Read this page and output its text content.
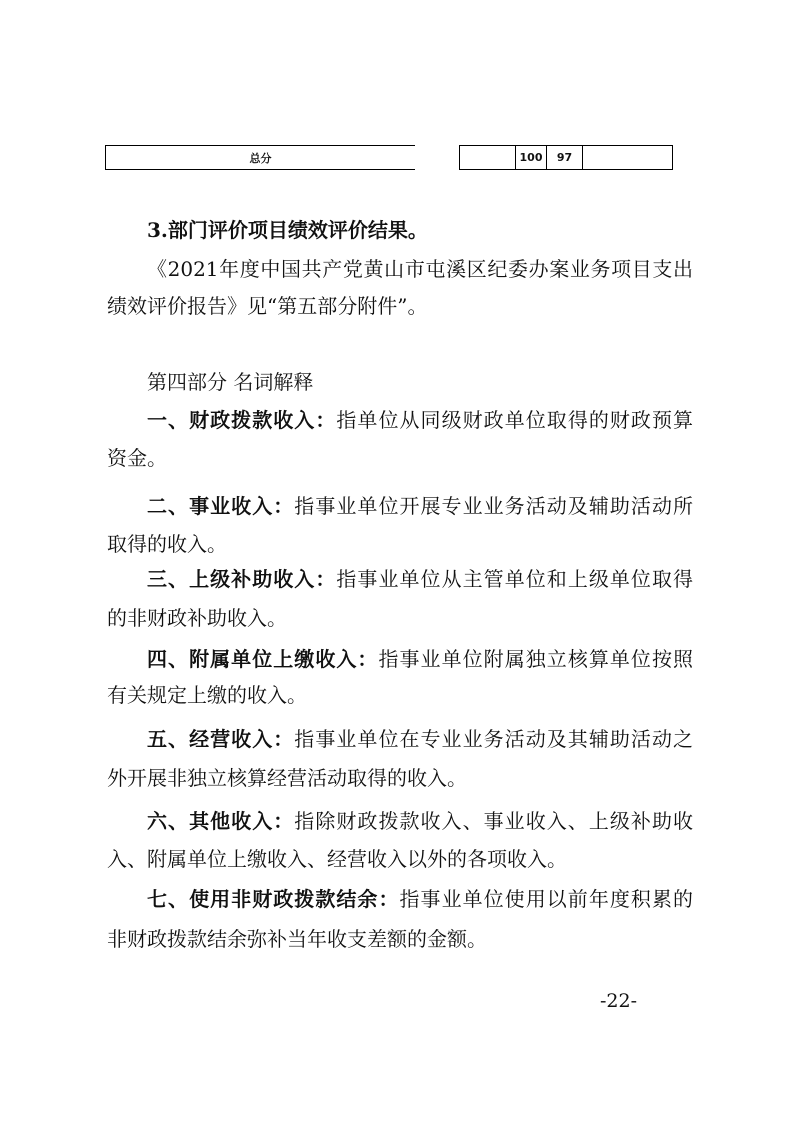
总分	100	97
3.部门评价项目绩效评价结果。
《2021年度中国共产党黄山市屯溪区纪委办案业务项目支出
绩效评价报告》见“第五部分附件”。
第四部分 名词解释
一、财政拨款收入：指单位从同级财政单位取得的财政预算
资金。
二、事业收入：指事业单位开展专业业务活动及辅助活动所
取得的收入。
三、上级补助收入：指事业单位从主管单位和上级单位取得
的非财政补助收入。
四、附属单位上缴收入：指事业单位附属独立核算单位按照
有关规定上缴的收入。
五、经营收入：指事业单位在专业业务活动及其辅助活动之
外开展非独立核算经营活动取得的收入。
六、其他收入：指除财政拨款收入、事业收入、上级补助收
入、附属单位上缴收入、经营收入以外的各项收入。
七、使用非财政拨款结余：指事业单位使用以前年度积累的
非财政拨款结余弥补当年收支差额的金额。
-22-
